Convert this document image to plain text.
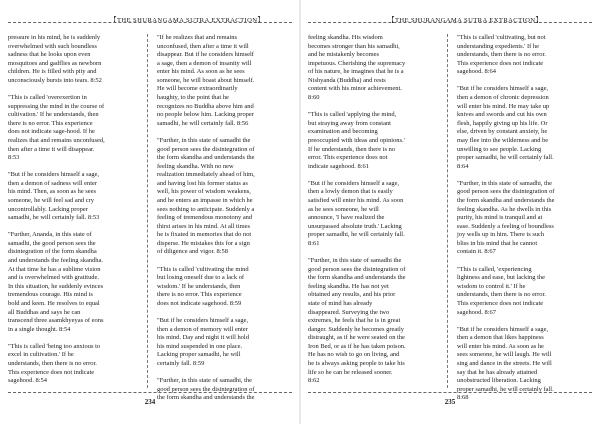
【THE SHURANGAMA SUTRA EXTRACTION】
pressure in his mind, he is suddenly
overwhelmed with such boundless
sadness that he looks upon even
mosquitoes and gadflies as newborn
children. He is filled with pity and
unconsciously bursts into tears. 8:52

"This is called 'overexertion in
suppressing the mind in the course of
cultivation.' If he understands, then
there is no error. This experience
does not indicate sage-hood. If he
realizes that and remains unconfused,
then after a time it will disappear.
8:53

"But if he considers himself a sage,
then a demon of sadness will enter
his mind. Then, as soon as he sees
someone, he will feel sad and cry
uncontrollably. Lacking proper
samadhi, he will certainly fall. 8:53

"Further, Ananda, in this state of
samadhi, the good person sees the
disintegration of the form skandha
and understands the feeling skandha.
At that time he has a sublime vision
and is overwhelmed with gratitude.
In this situation, he suddenly evinces
tremendous courage. His mind is
bold and keen. He resolves to equal
all Buddhas and says he can
transcend three asamkhyeyas of eons
in a single thought. 8:54

"This is called 'being too anxious to
excel in cultivation.' If he
understands, then there is no error.
This experience does not indicate
sagehood. 8:54
"If he realizes that and remains
unconfused, then after a time it will
disappear. But if he considers himself
a sage, then a demon of insanity will
enter his mind. As soon as he sees
someone, he will boast about himself.
He will become extraordinarily
haughty, to the point that he
recognizes no Buddha above him and
no people below him. Lacking proper
samadhi, he will certainly fall. 8:56

"Further, in this state of samadhi the
good person sees the disintegration of
the form skandha and understands the
feeling skandha. With no new
realization immediately ahead of him,
and having lost his former status as
well, his power of wisdom weakens,
and he enters an impasse in which he
sees nothing to anticipate. Suddenly a
feeling of tremendous monotony and
thirst arises in his mind. At all times
he is fixated in memories that do not
disperse. He mistakes this for a sign
of diligence and vigor. 8:58

"This is called 'cultivating the mind
but losing oneself due to a lack of
wisdom.' If he understands, then
there is no error. This experience
does not indicate sagehood. 8:59

"But if he considers himself a sage,
then a demon of memory will enter
his mind. Day and night it will hold
his mind suspended in one place.
Lacking proper samadhi, he will
certainly fall. 8:59

"Further, in this state of samadhi, the
good person sees the disintegration of
the form skandha and understands the
234
【THE SHURANGAMA SUTRA EXTRACTION】
feeling skandha. His wisdom
becomes stronger than his samadhi,
and he mistakenly becomes
impetuous. Cherishing the supremacy
of his nature, he imagines that he is a
Nishyanda (Buddha) and rests
content with his minor achievement.
8:60

"This is called 'applying the mind,
but straying away from constant
examination and becoming
preoccupied with ideas and opinions.'
If he understands, then there is no
error. This experience does not
indicate sagehood. 8:61

"But if he considers himself a sage,
then a lowly demon that is easily
satisfied will enter his mind. As soon
as he sees someone, he will
announce, 'I have realized the
unsurpassed absolute truth.' Lacking
proper samadhi, he will certainly fall.
8:61

"Further, in this state of samadhi the
good person sees the disintegration of
the form skandha and understands the
feeling skandha. He has not yet
obtained any results, and his prior
state of mind has already
disappeared. Surveying the two
extremes, he feels that he is in great
danger. Suddenly he becomes greatly
distraught, as if he were seated on the
Iron Bed, or as if he has taken poison.
He has no wish to go on living, and
he is always asking people to take his
life so he can be released sooner.
8:62
"This is called 'cultivating, but not
understanding expedients.' If he
understands, then there is no error.
This experience does not indicate
sagehood. 8:64

"But if he considers himself a sage,
then a demon of chronic depression
will enter his mind. He may take up
knives and swords and cut his own
flesh, happily giving up his life. Or
else, driven by constant anxiety, he
may flee into the wilderness and be
unwilling to see people. Lacking
proper samadhi, he will certainly fall.
8:64

"Further, in this state of samadhi, the
good person sees the disintegration of
the form skandha and understands the
feeling skandha. As he dwells in this
purity, his mind is tranquil and at
ease. Suddenly a feeling of boundless
joy wells up in him. There is such
bliss in his mind that he cannot
contain it. 8:67

"This is called, 'experiencing
lightness and ease, but lacking the
wisdom to control it.' If he
understands, then there is no error.
This experience does not indicate
sagehood. 8:67

"But if he considers himself a sage,
then a demon that likes happiness
will enter his mind. As soon as he
sees someone, he will laugh. He will
sing and dance in the streets. He will
say that he has already attained
unobstructed liberation. Lacking
proper samadhi, he will certainly fall.
8:68
235
